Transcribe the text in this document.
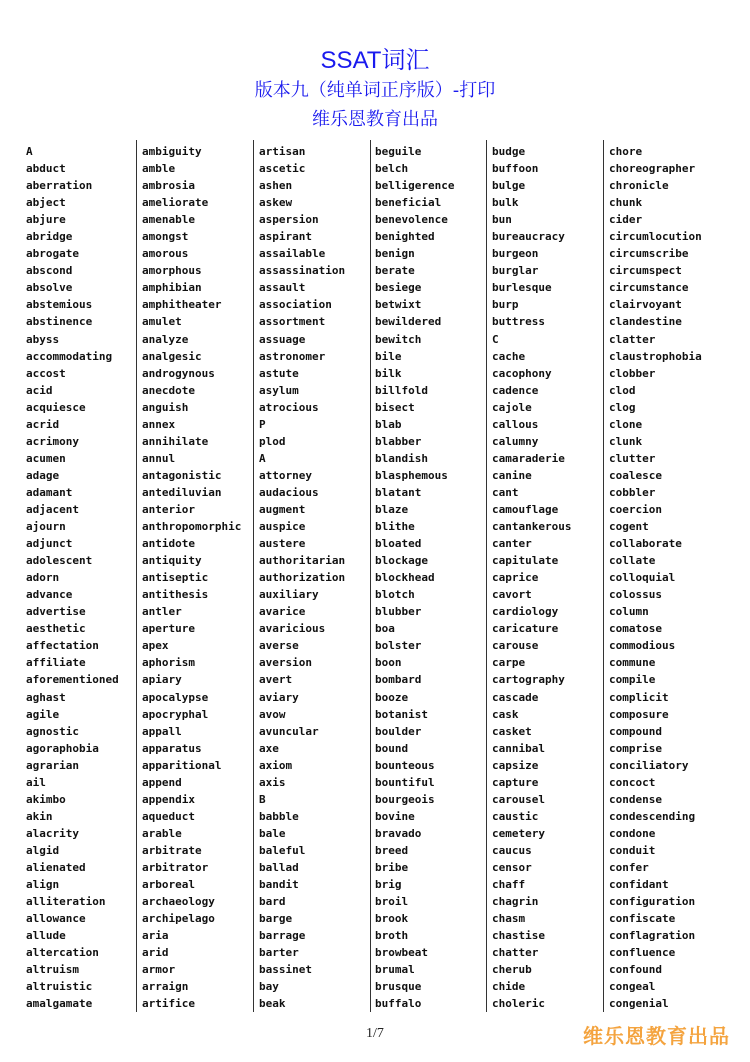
SSAT词汇
版本九（纯单词正序版）-打印
维乐恩教育出品
A
abduct
aberration
abject
abjure
abridge
abrogate
abscond
absolve
abstemious
abstinence
abyss
accommodating
accost
acid
acquiesce
acrid
acrimony
acumen
adage
adamant
adjacent
ajourn
adjunct
adolescent
adorn
advance
advertise
aesthetic
affectation
affiliate
aforementioned
aghast
agile
agnostic
agoraphobia
agrarian
ail
akimbo
akin
alacrity
algid
alienated
align
alliteration
allowance
allude
altercation
altruism
altruistic
amalgamate
ambiguity
amble
ambrosia
ameliorate
amenable
amongst
amorous
amorphous
amphibian
amphitheater
amulet
analyze
analgesic
androgynous
anecdote
anguish
annex
annihilate
annul
antagonistic
antediluvian
anterior
anthropomorphic
antidote
antiquity
antiseptic
antithesis
antler
aperture
apex
aphorism
apiary
apocalypse
apocryphal
appall
apparatus
apparitional
append
appendix
aqueduct
arable
arbitrate
arbitrator
arboreal
archaeology
archipelago
aria
arid
armor
arraign
artifice
artisan
ascetic
ashen
askew
aspersion
aspirant
assailable
assassination
assault
association
assortment
assuage
astronomer
astute
asylum
atrocious
P
plod
A
attorney
audacious
augment
auspice
austere
authoritarian
authorization
auxiliary
avarice
avaricious
averse
aversion
avert
aviary
avow
avuncular
axe
axiom
axis
B
babble
bale
baleful
ballad
bandit
bard
barge
barrage
barter
bassinet
bay
beak
beguile
belch
belligerence
beneficial
benevolence
benighted
benign
berate
besiege
betwixt
bewildered
bewitch
bile
bilk
billfold
bisect
blab
blabber
blandish
blasphemous
blatant
blaze
blithe
bloated
blockage
blockhead
blotch
blubber
boa
bolster
boon
bombard
booze
botanist
boulder
bound
bounteous
bountiful
bourgeois
bovine
bravado
breed
bribe
brig
broil
brook
broth
browbeat
brumal
brusque
buffalo
budge
buffoon
bulge
bulk
bun
bureaucracy
burgeon
burglar
burlesque
burp
buttress
C
cache
cacophony
cadence
cajole
callous
calumny
camaraderie
canine
cant
camouflage
cantankerous
canter
capitulate
caprice
cavort
cardiology
caricature
carouse
carpe
cartography
cascade
cask
casket
cannibal
capsize
capture
carousel
caustic
cemetery
caucus
censor
chaff
chagrin
chasm
chastise
chatter
cherub
chide
choleric
chore
choreographer
chronicle
chunk
cider
circumlocution
circumscribe
circumspect
circumstance
clairvoyant
clandestine
clatter
claustrophobia
clobber
clod
clog
clone
clunk
clutter
coalesce
cobbler
coercion
cogent
collaborate
collate
colloquial
colossus
column
comatose
commodious
commune
compile
complicit
composure
compound
comprise
conciliatory
concoct
condense
condescending
condone
conduit
confer
confidant
configuration
confiscate
conflagration
confluence
confound
congeal
congenial
1/7	维乐恩教育出品
